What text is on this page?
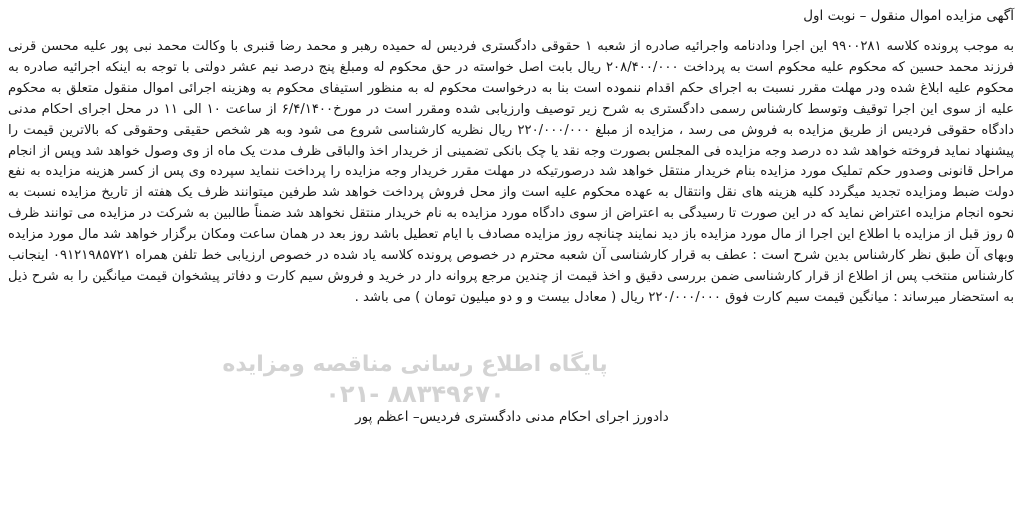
آگهی مزایده اموال منقول – نوبت اول

به موجب پرونده کلاسه ۹۹۰۰۲۸۱ این اجرا ودادنامه واجرائیه صادره از شعبه ۱ حقوقی دادگستری فردیس له حمیده رهبر و محمد رضا قنبری با وکالت محمد نبی پور علیه محسن قرنی فرزند محمد حسین که محکوم علیه محکوم است به پرداخت ۲۰۸/۴۰۰/۰۰۰ ریال بابت اصل خواسته در حق محکوم له ومبلغ پنج درصد نیم عشر دولتی با توجه به اینکه اجرائیه صادره به محکوم علیه ابلاغ شده ودر مهلت مقرر نسبت به اجرای حکم اقدام ننموده است بنا به درخواست محکوم له به منظور استیفای محکوم به وهزینه اجرائی اموال منقول متعلق به محکوم علیه از سوی این اجرا توقیف وتوسط کارشناس رسمی دادگستری به شرح زیر توصیف وارزیابی شده ومقرر است در مورخ۶/۴/۱۴۰۰ از ساعت ۱۰ الی ۱۱ در محل اجرای احکام مدنی دادگاه حقوقی فردیس از طریق مزایده به فروش می رسد ، مزایده از مبلغ ۲۲۰/۰۰۰/۰۰۰ ریال نظریه کارشناسی شروع می شود وبه هر شخص حقیقی وحقوقی که بالاترین قیمت را پیشنهاد نماید فروخته خواهد شد ده درصد وجه مزایده فی المجلس بصورت وجه نقد یا چک بانکی تضمینی از خریدار اخذ والباقی ظرف مدت یک ماه از وی وصول خواهد شد وپس از انجام مراحل قانونی وصدور حکم تملیک مورد مزایده بنام خریدار منتقل خواهد شد درصورتیکه در مهلت مقرر خریدار وجه مزایده را پرداخت ننماید سپرده وی پس از کسر هزینه مزایده به نفع دولت ضبط ومزایده تجدید میگردد کلیه هزینه های نقل وانتقال به عهده محکوم علیه است واز محل فروش پرداخت خواهد شد طرفین میتوانند ظرف یک هفته از تاریخ مزایده نسبت به نحوه انجام مزایده اعتراض نماید که در این صورت تا رسیدگی به اعتراض از سوی دادگاه مورد مزایده به نام خریدار منتقل نخواهد شد ضمناً طالبین به شرکت در مزایده می توانند ظرف ۵ روز قبل از مزایده با اطلاع این اجرا از مال مورد مزایده باز دید نمایند چنانچه روز مزایده مصادف با ایام تعطیل باشد روز بعد در همان ساعت ومکان برگزار خواهد شد مال مورد مزایده وبهای آن طبق نظر کارشناس بدین شرح است : عطف به قرار کارشناسی آن شعبه محترم در خصوص پرونده کلاسه یاد شده در خصوص ارزیابی خط تلفن همراه ۰۹۱۲۱۹۸۵۷۲۱ اینجانب کارشناس منتخب پس از اطلاع از قرار کارشناسی ضمن بررسی دقیق و اخذ قیمت از چندین مرجع پروانه دار در خرید و فروش سیم کارت و دفاتر پیشخوان قیمت میانگین را به شرح ذیل به استحضار میرساند : میانگین قیمت سیم کارت فوق ۲۲۰/۰۰۰/۰۰۰ ریال ( معادل بیست و و دو میلیون تومان ) می باشد .

پایگاه اطلاع رسانی مناقصه ومزایده
۰۲۱- ۸۸۳۴۹۶۷۰
دادورز اجرای احکام مدنی دادگستری فردیس– اعظم پور
